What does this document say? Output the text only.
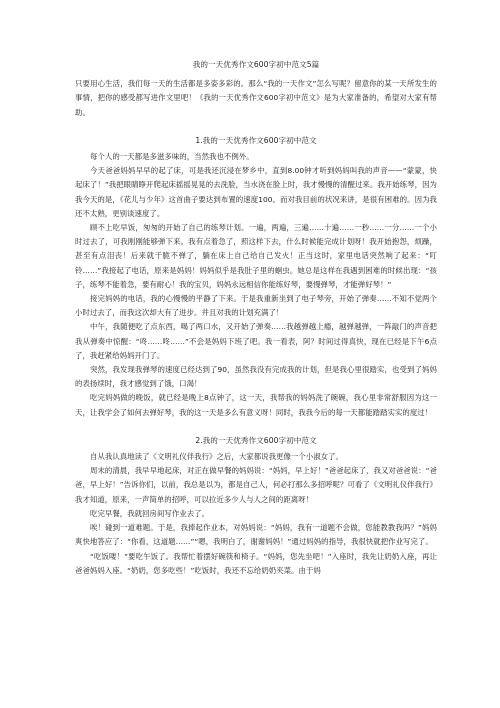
我的一天优秀作文600字初中范文5篇

只要用心生活，我们每一天的生活都是多姿多彩的。那么“我的一天作文”怎么写呢？留意你的某一天所发生的事情，把你的感受都写进作文里吧！《我的一天优秀作文600字初中范文》是为大家准备的，希望对大家有帮助。

1.我的一天优秀作文600字初中范文

每个人的一天都是多滋多味的，当然我也不例外。

今天爸爸妈妈早早的起了床，可是我还沉浸在梦乡中，直到8.00钟才听到妈妈叫我的声音——“蒙蒙，快起床了！”我把眼睛睁开爬起床摇摇晃晃的去洗脸，当水浇在脸上时，我才慢慢的清醒过来。我开始练琴，因为我今天的是，《花儿与少年》这首曲子要达到布置的速度100。而对我目前的状况来讲，是很有困难的。因为我还不太熟，更别谈速度了。

顾不上吃早饭，匆匆的开始了自己的练琴计划。一遍，两遍，三遍……十遍……一秒……一分……一个小时过去了，可我刚刚能够弹下来。我有点着急了，照这样下去，什么时候能完成计划呀！我开始抱怨，烦躁，甚至有点泪丧！后来就干脆不弹了，躺在床上自己给自己发火！正当这时，家里电话突然响了起来：“叮铃……”我接起了电话，原来是妈妈！妈妈似乎是我肚子里的蛔虫。她总是这样在我遇到困难的时候出现：“孩子，练琴不能着急，要有耐心！我的宝贝，妈妈永远相信你能练好琴，要慢弹琴，才能弹好琴！”

接完妈妈的电话，我的心慢慢的平静了下来。于是我重新坐到了电子琴旁，开始了弹奏……不知不觉两个小时过去了，而我这次却大有了进步。并且对我的计划充满了！

中午，我随便吃了点东西，喝了两口水，又开始了弹奏……我越弹越上瘾，越弹越弹，一阵敲门的声音把我从弹奏中惊醒：“咚……咚……”不会是妈妈下班了吧。我一看表，阿？时间过得真快，现在已经是下午6点了，我赶紧给妈妈开门了。

突然，我发现我弹琴的速度已经达到了90，虽然我没有完成我的计划，但是我心里很踏实，也受到了妈妈的表扬续时，我才感觉到了饿，口渴！

吃完妈妈做的晚饭，就已经是晚上8点钟了，这一天，我帮我的妈妈洗了碗碗，我心里非常舒服因为这一天，让我学会了如何去弹好琴，我的这一天是多么有意义呀！同时，我我今后的每一天都能踏踏实实的度过！

2.我的一天优秀作文600字初中范文

自从我认真地读了《文明礼仪伴我行》之后，大家都说我更像一个小淑女了。

周末的清晨，我早早地起床，对正在做早餐的妈妈说：“妈妈，早上好！”爸爸起床了，我又对爸爸说：“爸爸，早上好！”告诉你们，以前，我总是以为，都是自己人，何必打那么多招呼呢？可看了《文明礼仪伴我行》我才知道，原来，一声简单的招呼，可以拉近多少人与人之间的距离呀！

吃完早餐，我就回房间写作业去了。

唉！碰到一道难题。于是，我捧起作业本，对妈妈说：“妈妈，我有一道题不会做，您能教教我吗？”妈妈爽快地答应了：“你看，这道题……”“嗯，我明白了，谢谢妈妈！”通过妈妈的指导，我很快就把作业写完了。

“吃饭喽！”要吃午饭了。我帮忙着摆好碗筷和椅子。“妈妈，您先坐吧！”入座时，我先让奶奶入座，再让爸爸妈妈入座。“奶奶，您多吃些！”吃饭时，我还不忘给奶奶夹菜。由于妈
